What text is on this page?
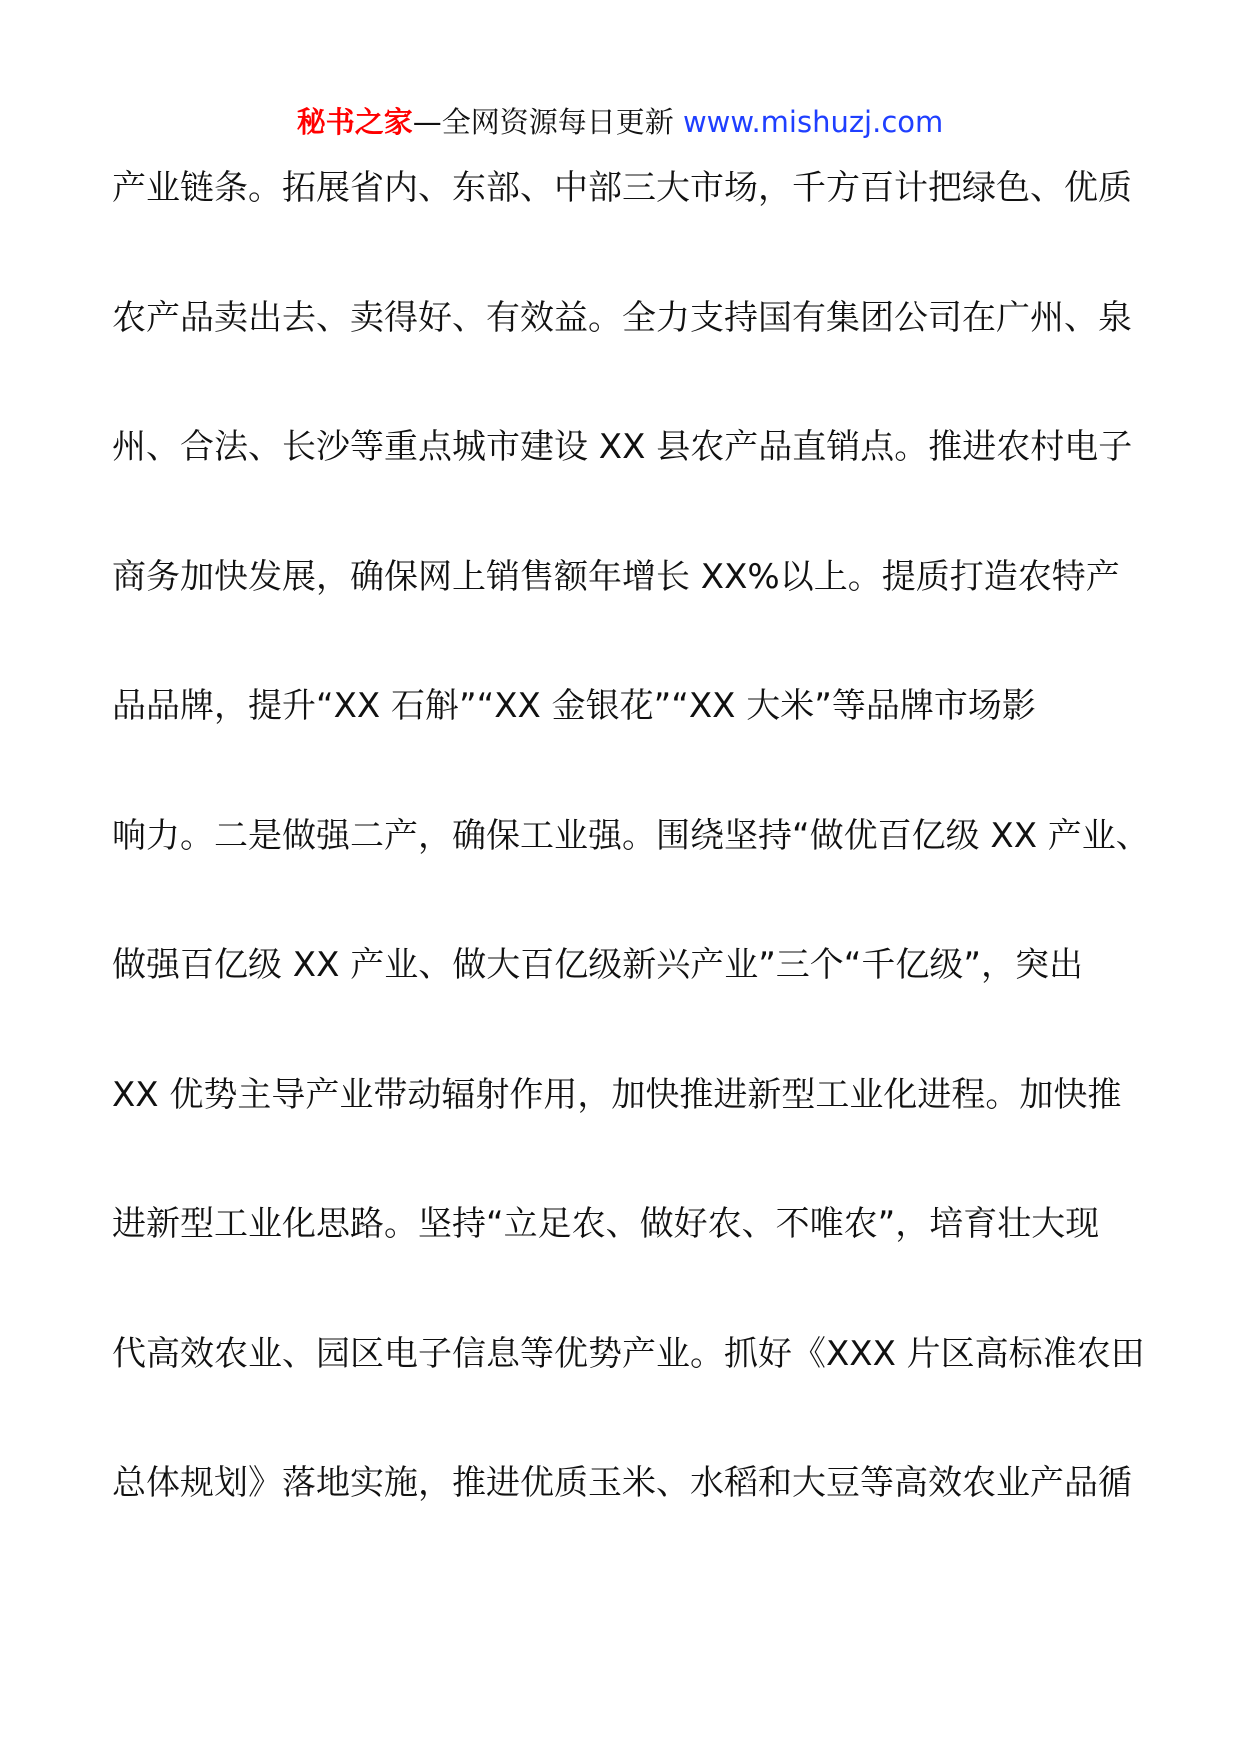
秘书之家—全网资源每日更新 www.mishuzj.com
产业链条。拓展省内、东部、中部三大市场，千方百计把绿色、优质
农产品卖出去、卖得好、有效益。全力支持国有集团公司在广州、泉
州、合法、长沙等重点城市建设 XX 县农产品直销点。推进农村电子
商务加快发展，确保网上销售额年增长 XX%以上。提质打造农特产
品品牌，提升“XX 石斛”“XX 金银花”“XX 大米”等品牌市场影
响力。二是做强二产，确保工业强。围绕坚持“做优百亿级 XX 产业、
做强百亿级 XX 产业、做大百亿级新兴产业”三个“千亿级”，突出
XX 优势主导产业带动辐射作用，加快推进新型工业化进程。加快推
进新型工业化思路。坚持“立足农、做好农、不唯农”，培育壮大现
代高效农业、园区电子信息等优势产业。抓好《XXX 片区高标准农田
总体规划》落地实施，推进优质玉米、水稻和大豆等高效农业产品循
